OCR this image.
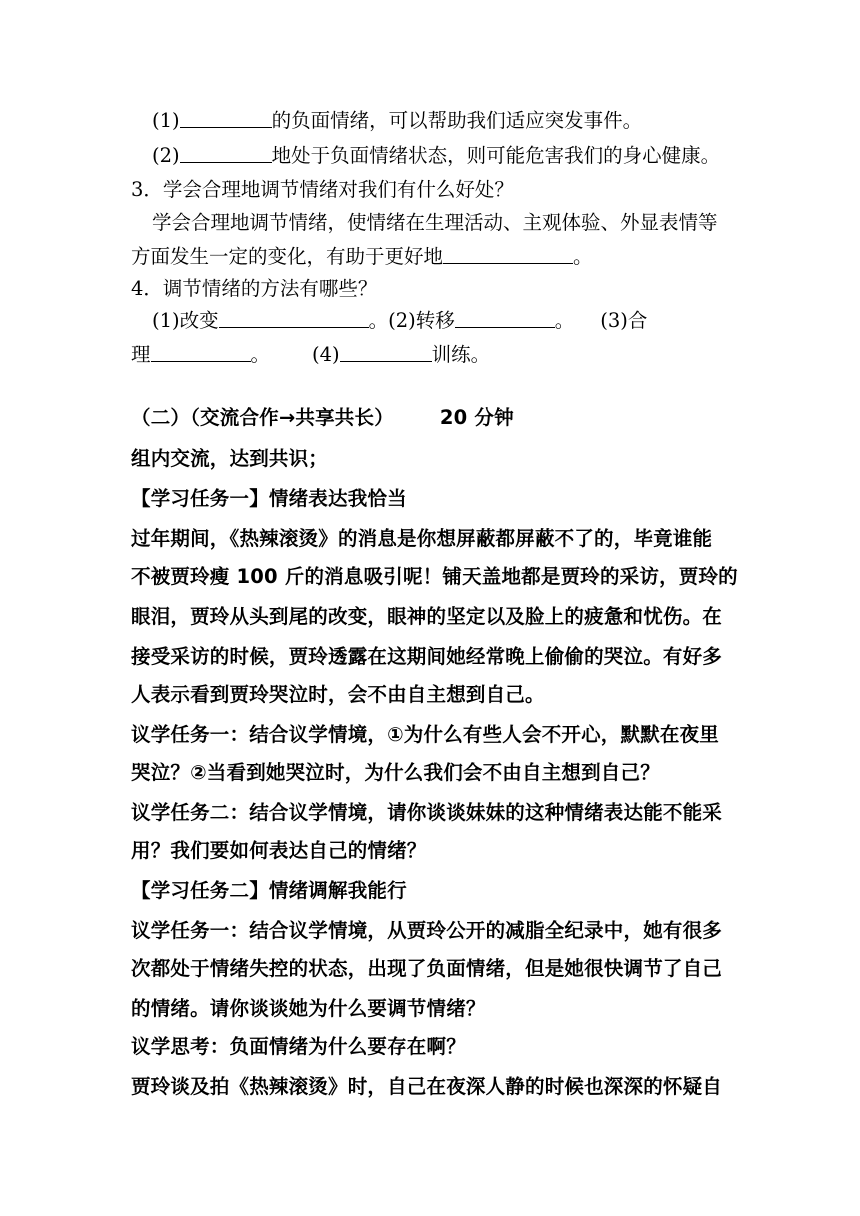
(1)	的负面情绪，可以帮助我们适应突发事件。
(2)	地处于负面情绪状态，则可能危害我们的身心健康。
3．学会合理地调节情绪对我们有什么好处？
学会合理地调节情绪，使情绪在生理活动、主观体验、外显表情等
方面发生一定的变化，有助于更好地	。
4．调节情绪的方法有哪些？
(1)改变	。(2)转移	。 (3)合
理	。 (4)	训练。
（二）（交流合作→共享共长） 20 分钟
组内交流，达到共识；
【学习任务一】情绪表达我恰当
过年期间，《热辣滚烫》的消息是你想屏蔽都屏蔽不了的，毕竟谁能
不被贾玲瘦 100 斤的消息吸引呢！铺天盖地都是贾玲的采访，贾玲的
眼泪，贾玲从头到尾的改变，眼神的坚定以及脸上的疲惫和忧伤。在
接受采访的时候，贾玲透露在这期间她经常晚上偷偷的哭泣。有好多
人表示看到贾玲哭泣时，会不由自主想到自己。
议学任务一：结合议学情境，①为什么有些人会不开心，默默在夜里
哭泣？②当看到她哭泣时，为什么我们会不由自主想到自己？
议学任务二：结合议学情境，请你谈谈妹妹的这种情绪表达能不能采
用？我们要如何表达自己的情绪？
【学习任务二】情绪调解我能行
议学任务一：结合议学情境，从贾玲公开的减脂全纪录中，她有很多
次都处于情绪失控的状态，出现了负面情绪，但是她很快调节了自己
的情绪。请你谈谈她为什么要调节情绪？
议学思考：负面情绪为什么要存在啊？
贾玲谈及拍《热辣滚烫》时，自己在夜深人静的时候也深深的怀疑自
